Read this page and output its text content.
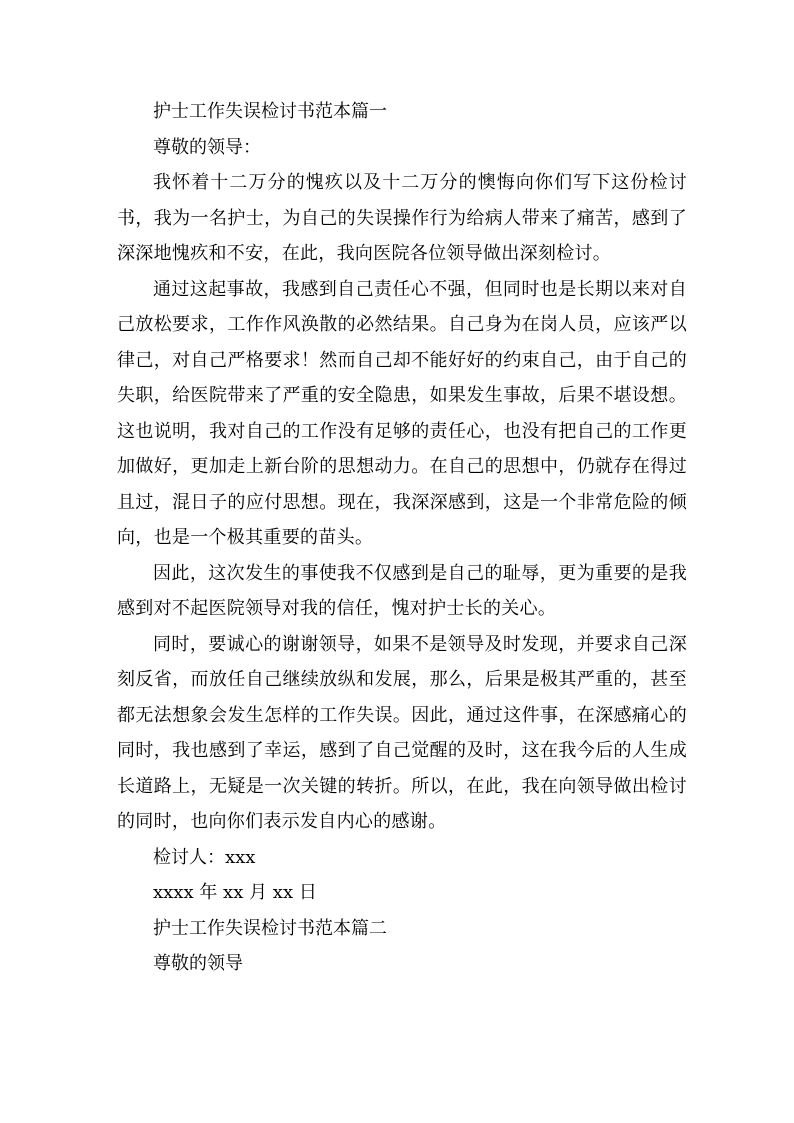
护士工作失误检讨书范本篇一

尊敬的领导：

我怀着十二万分的愧疚以及十二万分的懊悔向你们写下这份检讨书，我为一名护士，为自己的失误操作行为给病人带来了痛苦，感到了深深地愧疚和不安，在此，我向医院各位领导做出深刻检讨。

通过这起事故，我感到自己责任心不强，但同时也是长期以来对自己放松要求，工作作风涣散的必然结果。自己身为在岗人员，应该严以律己，对自己严格要求！然而自己却不能好好的约束自己，由于自己的失职，给医院带来了严重的安全隐患，如果发生事故，后果不堪设想。这也说明，我对自己的工作没有足够的责任心，也没有把自己的工作更加做好，更加走上新台阶的思想动力。在自己的思想中，仍就存在得过且过，混日子的应付思想。现在，我深深感到，这是一个非常危险的倾向，也是一个极其重要的苗头。

因此，这次发生的事使我不仅感到是自己的耻辱，更为重要的是我感到对不起医院领导对我的信任，愧对护士长的关心。

同时，要诚心的谢谢领导，如果不是领导及时发现，并要求自己深刻反省，而放任自己继续放纵和发展，那么，后果是极其严重的，甚至都无法想象会发生怎样的工作失误。因此，通过这件事，在深感痛心的同时，我也感到了幸运，感到了自己觉醒的及时，这在我今后的人生成长道路上，无疑是一次关键的转折。所以，在此，我在向领导做出检讨的同时，也向你们表示发自内心的感谢。

检讨人：xxx

xxxx 年 xx 月 xx 日

护士工作失误检讨书范本篇二

尊敬的领导
